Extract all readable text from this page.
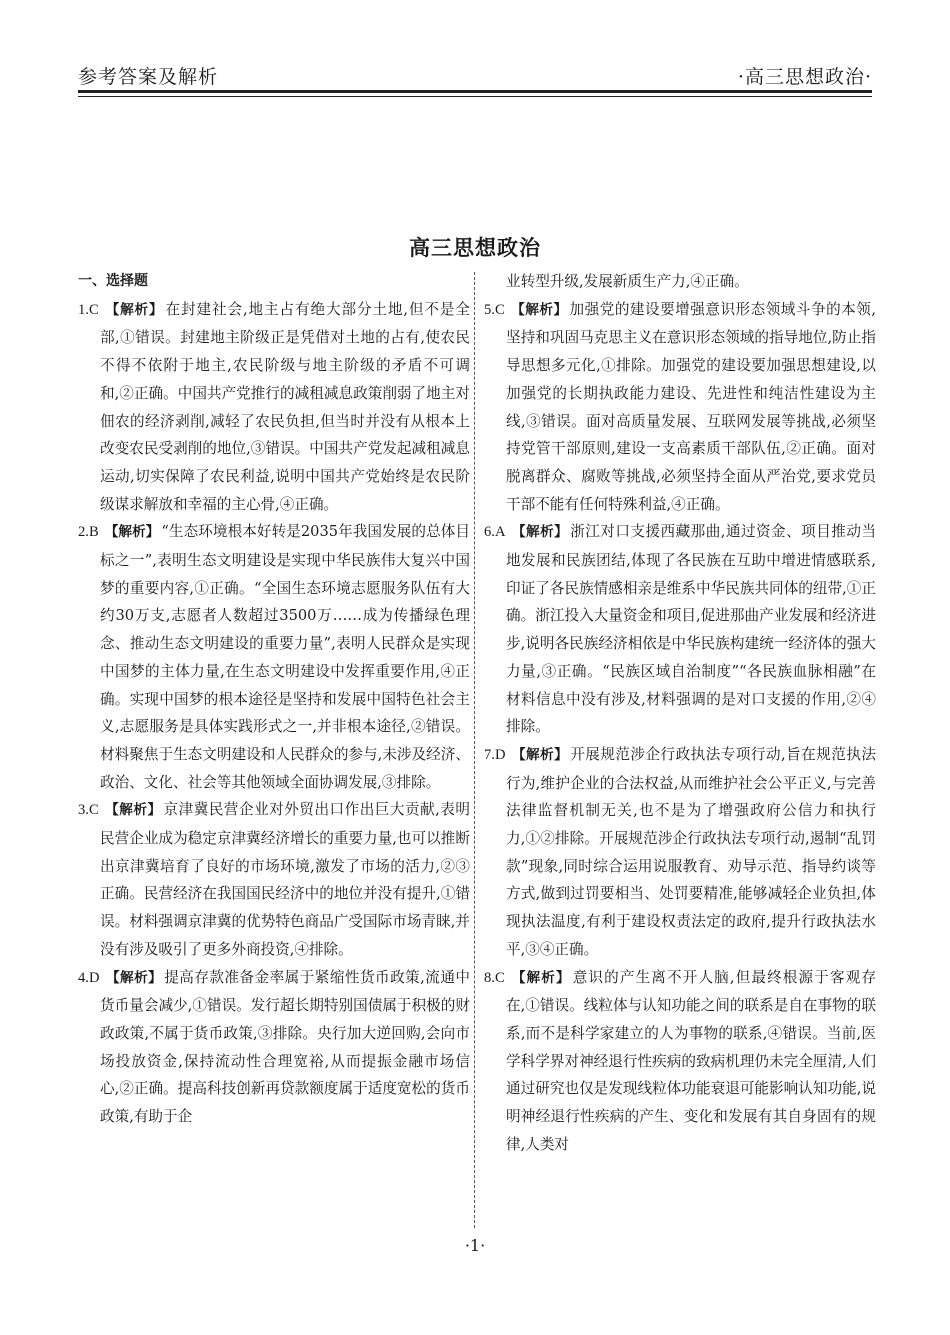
参考答案及解析	·高三思想政治·
高三思想政治
一、选择题

1.C 【解析】 在封建社会,地主占有绝大部分土地,但不是全部,①错误。封建地主阶级正是凭借对土地的占有,使农民不得不依附于地主,农民阶级与地主阶级的矛盾不可调和,②正确。中国共产党推行的减租减息政策削弱了地主对佃农的经济剥削,减轻了农民负担,但当时并没有从根本上改变农民受剥削的地位,③错误。中国共产党发起减租减息运动,切实保障了农民利益,说明中国共产党始终是农民阶级谋求解放和幸福的主心骨,④正确。

2.B 【解析】 “生态环境根本好转是2035年我国发展的总体目标之一”,表明生态文明建设是实现中华民族伟大复兴中国梦的重要内容,①正确。“全国生态环境志愿服务队伍有大约30万支,志愿者人数超过3500万……成为传播绿色理念、推动生态文明建设的重要力量”,表明人民群众是实现中国梦的主体力量,在生态文明建设中发挥重要作用,④正确。实现中国梦的根本途径是坚持和发展中国特色社会主义,志愿服务是具体实践形式之一,并非根本途径,②错误。材料聚焦于生态文明建设和人民群众的参与,未涉及经济、政治、文化、社会等其他领域全面协调发展,③排除。

3.C 【解析】 京津冀民营企业对外贸出口作出巨大贡献,表明民营企业成为稳定京津冀经济增长的重要力量,也可以推断出京津冀培育了良好的市场环境,激发了市场的活力,②③正确。民营经济在我国国民经济中的地位并没有提升,①错误。材料强调京津冀的优势特色商品广受国际市场青睐,并没有涉及吸引了更多外商投资,④排除。

4.D 【解析】 提高存款准备金率属于紧缩性货币政策,流通中货币量会减少,①错误。发行超长期特别国债属于积极的财政政策,不属于货币政策,③排除。央行加大逆回购,会向市场投放资金,保持流动性合理宽裕,从而提振金融市场信心,②正确。提高科技创新再贷款额度属于适度宽松的货币政策,有助于企

业转型升级,发展新质生产力,④正确。

5.C 【解析】 加强党的建设要增强意识形态领域斗争的本领,坚持和巩固马克思主义在意识形态领域的指导地位,防止指导思想多元化,①排除。加强党的建设要加强思想建设,以加强党的长期执政能力建设、先进性和纯洁性建设为主线,③错误。面对高质量发展、互联网发展等挑战,必须坚持党管干部原则,建设一支高素质干部队伍,②正确。面对脱离群众、腐败等挑战,必须坚持全面从严治党,要求党员干部不能有任何特殊利益,④正确。

6.A 【解析】 浙江对口支援西藏那曲,通过资金、项目推动当地发展和民族团结,体现了各民族在互助中增进情感联系,印证了各民族情感相亲是维系中华民族共同体的纽带,①正确。浙江投入大量资金和项目,促进那曲产业发展和经济进步,说明各民族经济相依是中华民族构建统一经济体的强大力量,③正确。“民族区域自治制度”“各民族血脉相融”在材料信息中没有涉及,材料强调的是对口支援的作用,②④排除。

7.D 【解析】 开展规范涉企行政执法专项行动,旨在规范执法行为,维护企业的合法权益,从而维护社会公平正义,与完善法律监督机制无关,也不是为了增强政府公信力和执行力,①②排除。开展规范涉企行政执法专项行动,遏制“乱罚款”现象,同时综合运用说服教育、劝导示范、指导约谈等方式,做到过罚要相当、处罚要精准,能够减轻企业负担,体现执法温度,有利于建设权责法定的政府,提升行政执法水平,③④正确。

8.C 【解析】 意识的产生离不开人脑,但最终根源于客观存在,①错误。线粒体与认知功能之间的联系是自在事物的联系,而不是科学家建立的人为事物的联系,④错误。当前,医学科学界对神经退行性疾病的致病机理仍未完全厘清,人们通过研究也仅是发现线粒体功能衰退可能影响认知功能,说明神经退行性疾病的产生、变化和发展有其自身固有的规律,人类对

·1·
